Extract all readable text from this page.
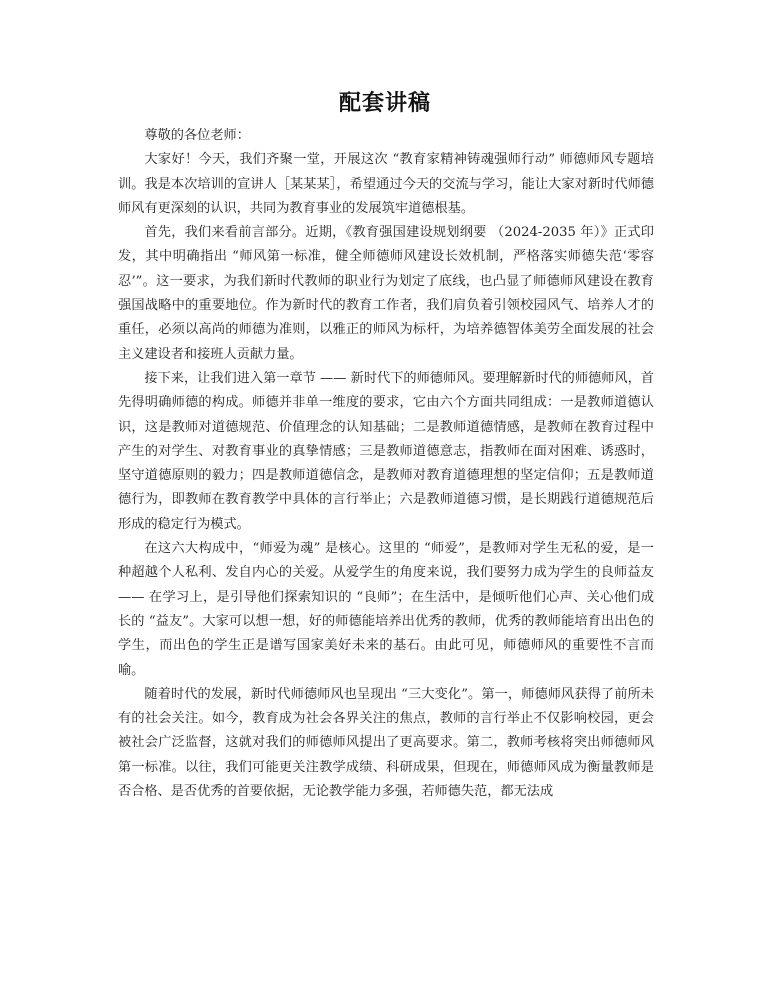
配套讲稿

尊敬的各位老师：

大家好！今天，我们齐聚一堂，开展这次 “教育家精神铸魂强师行动” 师德师风专题培训。我是本次培训的宣讲人［某某某］，希望通过今天的交流与学习，能让大家对新时代师德师风有更深刻的认识，共同为教育事业的发展筑牢道德根基。

首先，我们来看前言部分。近期，《教育强国建设规划纲要 （2024-2035 年）》正式印发，其中明确指出 “师风第一标准，健全师德师风建设长效机制，严格落实师德失范‘零容忍’”。这一要求，为我们新时代教师的职业行为划定了底线，也凸显了师德师风建设在教育强国战略中的重要地位。作为新时代的教育工作者，我们肩负着引领校园风气、培养人才的重任，必须以高尚的师德为准则，以雅正的师风为标杆，为培养德智体美劳全面发展的社会主义建设者和接班人贡献力量。

接下来，让我们进入第一章节 —— 新时代下的师德师风。要理解新时代的师德师风，首先得明确师德的构成。师德并非单一维度的要求，它由六个方面共同组成：一是教师道德认识，这是教师对道德规范、价值理念的认知基础；二是教师道德情感，是教师在教育过程中产生的对学生、对教育事业的真挚情感；三是教师道德意志，指教师在面对困难、诱惑时，坚守道德原则的毅力；四是教师道德信念，是教师对教育道德理想的坚定信仰；五是教师道德行为，即教师在教育教学中具体的言行举止；六是教师道德习惯，是长期践行道德规范后形成的稳定行为模式。

在这六大构成中，“师爱为魂” 是核心。这里的 “师爱”，是教师对学生无私的爱，是一种超越个人私利、发自内心的关爱。从爱学生的角度来说，我们要努力成为学生的良师益友 —— 在学习上，是引导他们探索知识的 “良师”；在生活中，是倾听他们心声、关心他们成长的 “益友”。大家可以想一想，好的师德能培养出优秀的教师，优秀的教师能培育出出色的学生，而出色的学生正是谱写国家美好未来的基石。由此可见，师德师风的重要性不言而喻。

随着时代的发展，新时代师德师风也呈现出 “三大变化”。第一，师德师风获得了前所未有的社会关注。如今，教育成为社会各界关注的焦点，教师的言行举止不仅影响校园，更会被社会广泛监督，这就对我们的师德师风提出了更高要求。第二，教师考核将突出师德师风第一标准。以往，我们可能更关注教学成绩、科研成果，但现在，师德师风成为衡量教师是否合格、是否优秀的首要依据，无论教学能力多强，若师德失范，都无法成
